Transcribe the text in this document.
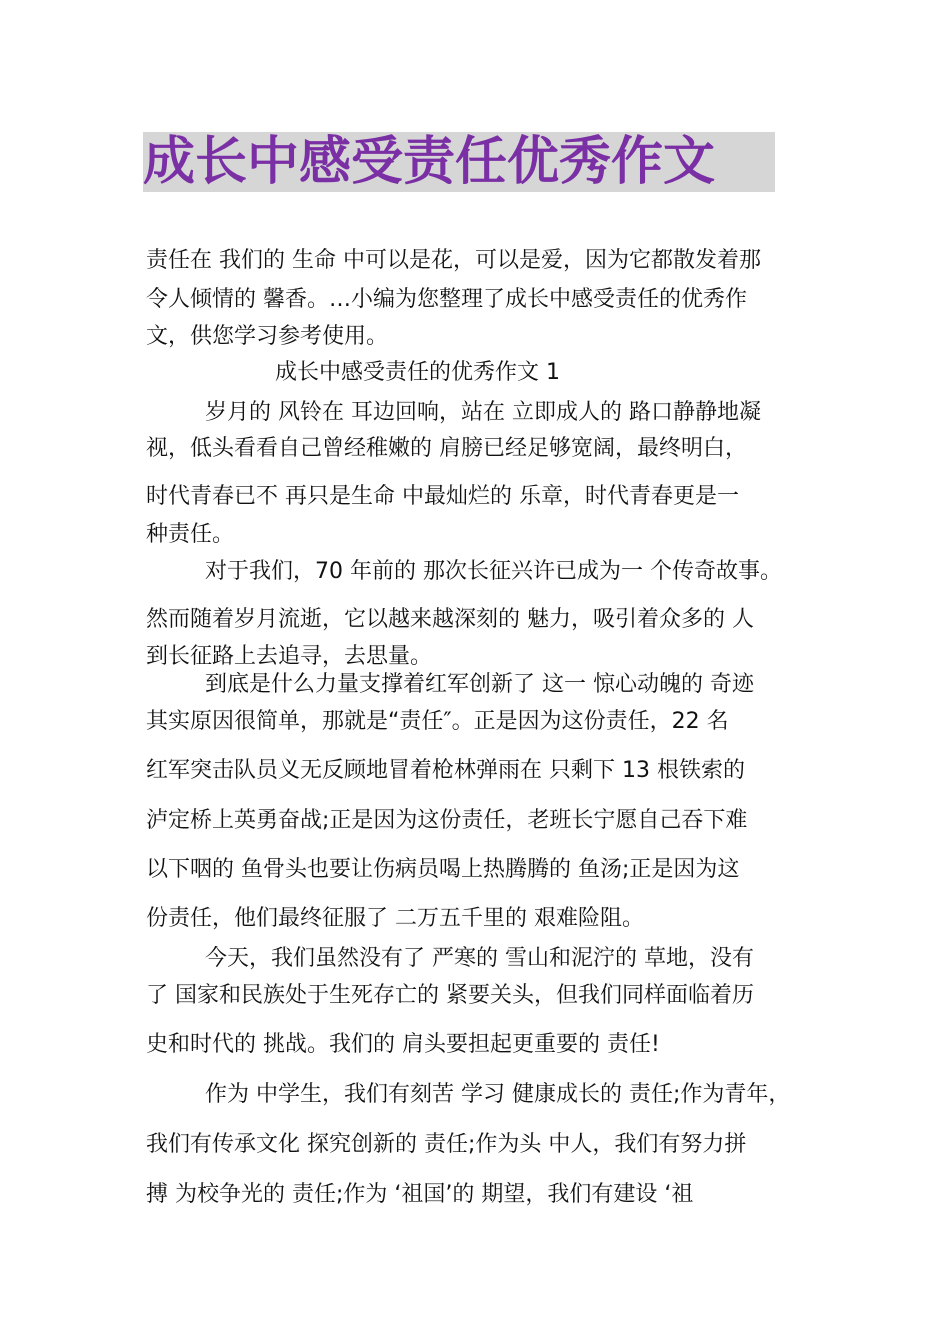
成长中感受责任优秀作文

责任在 我们的 生命 中可以是花，可以是爱，因为它都散发着那

令人倾情的 馨香。…小编为您整理了成长中感受责任的优秀作

文，供您学习参考使用。

成长中感受责任的优秀作文 1

岁月的 风铃在 耳边回响，站在 立即成人的 路口静静地凝

视，低头看看自己曾经稚嫩的 肩膀已经足够宽阔，最终明白，

时代青春已不 再只是生命 中最灿烂的 乐章，时代青春更是一

种责任。

对于我们，70 年前的 那次长征兴许已成为一 个传奇故事。

然而随着岁月流逝，它以越来越深刻的 魅力，吸引着众多的 人

到长征路上去追寻，去思量。

到底是什么力量支撑着红军创新了 这一 惊心动魄的 奇迹

其实原因很简单，那就是“责任″。正是因为这份责任，22 名

红军突击队员义无反顾地冒着枪林弹雨在 只剩下 13 根铁索的

泸定桥上英勇奋战;正是因为这份责任，老班长宁愿自己吞下难

以下咽的 鱼骨头也要让伤病员喝上热腾腾的 鱼汤;正是因为这

份责任，他们最终征服了 二万五千里的 艰难险阻。

今天，我们虽然没有了 严寒的 雪山和泥泞的 草地，没有

了 国家和民族处于生死存亡的 紧要关头，但我们同样面临着历

史和时代的 挑战。我们的 肩头要担起更重要的 责任!

作为 中学生，我们有刻苦 学习 健康成长的 责任;作为青年，

我们有传承文化 探究创新的 责任;作为头 中人，我们有努力拼

搏 为校争光的 责任;作为 ‘祖国’的 期望，我们有建设 ‘祖
